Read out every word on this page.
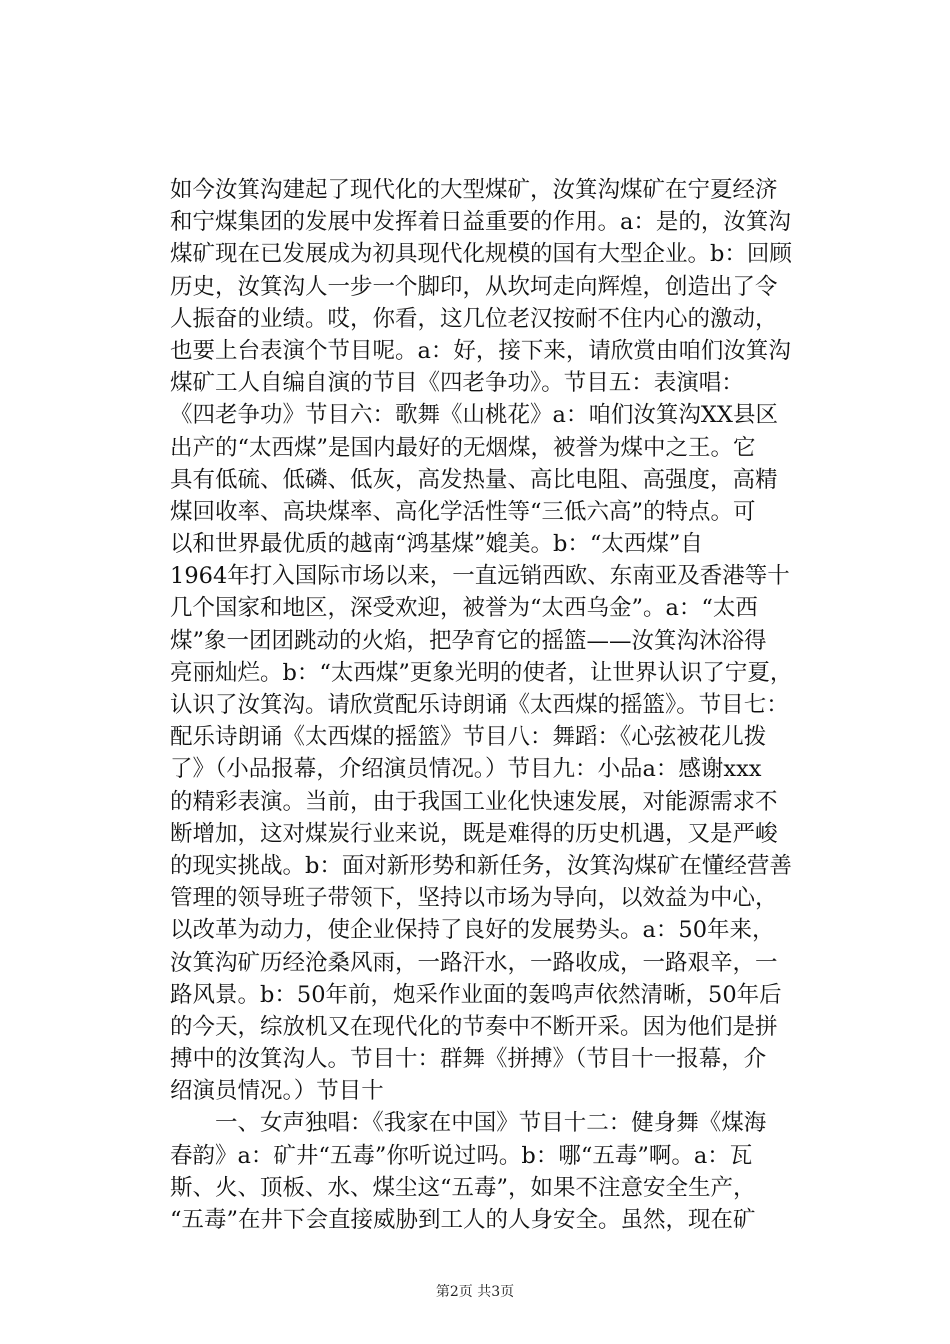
如今汝箕沟建起了现代化的大型煤矿，汝箕沟煤矿在宁夏经济
和宁煤集团的发展中发挥着日益重要的作用。a：是的，汝箕沟
煤矿现在已发展成为初具现代化规模的国有大型企业。b：回顾
历史，汝箕沟人一步一个脚印，从坎坷走向辉煌，创造出了令
人振奋的业绩。哎，你看，这几位老汉按耐不住内心的激动，
也要上台表演个节目呢。a：好，接下来，请欣赏由咱们汝箕沟
煤矿工人自编自演的节目《四老争功》。节目五：表演唱：
《四老争功》节目六：歌舞《山桃花》a：咱们汝箕沟XX县区
出产的“太西煤”是国内最好的无烟煤，被誉为煤中之王。它
具有低硫、低磷、低灰，高发热量、高比电阻、高强度，高精
煤回收率、高块煤率、高化学活性等“三低六高”的特点。可
以和世界最优质的越南“鸿基煤”媲美。b：“太西煤”自
1964年打入国际市场以来，一直远销西欧、东南亚及香港等十
几个国家和地区，深受欢迎，被誉为“太西乌金”。a：“太西
煤”象一团团跳动的火焰，把孕育它的摇篮——汝箕沟沐浴得
亮丽灿烂。b：“太西煤”更象光明的使者，让世界认识了宁夏，
认识了汝箕沟。请欣赏配乐诗朗诵《太西煤的摇篮》。节目七：
配乐诗朗诵《太西煤的摇篮》节目八：舞蹈：《心弦被花儿拨
了》（小品报幕，介绍演员情况。）节目九：小品a：感谢xxx
的精彩表演。当前，由于我国工业化快速发展，对能源需求不
断增加，这对煤炭行业来说，既是难得的历史机遇，又是严峻
的现实挑战。b：面对新形势和新任务，汝箕沟煤矿在懂经营善
管理的领导班子带领下，坚持以市场为导向，以效益为中心，
以改革为动力，使企业保持了良好的发展势头。a：50年来，
汝箕沟矿历经沧桑风雨，一路汗水，一路收成，一路艰辛，一
路风景。b：50年前，炮采作业面的轰鸣声依然清晰，50年后
的今天，综放机又在现代化的节奏中不断开采。因为他们是拼
搏中的汝箕沟人。节目十：群舞《拼搏》（节目十一报幕，介
绍演员情况。）节目十
　　一、女声独唱：《我家在中国》节目十二：健身舞《煤海
春韵》a：矿井“五毒”你听说过吗。b：哪“五毒”啊。a：瓦
斯、火、顶板、水、煤尘这“五毒”，如果不注意安全生产，
“五毒”在井下会直接威胁到工人的人身安全。虽然，现在矿
第2页 共3页
